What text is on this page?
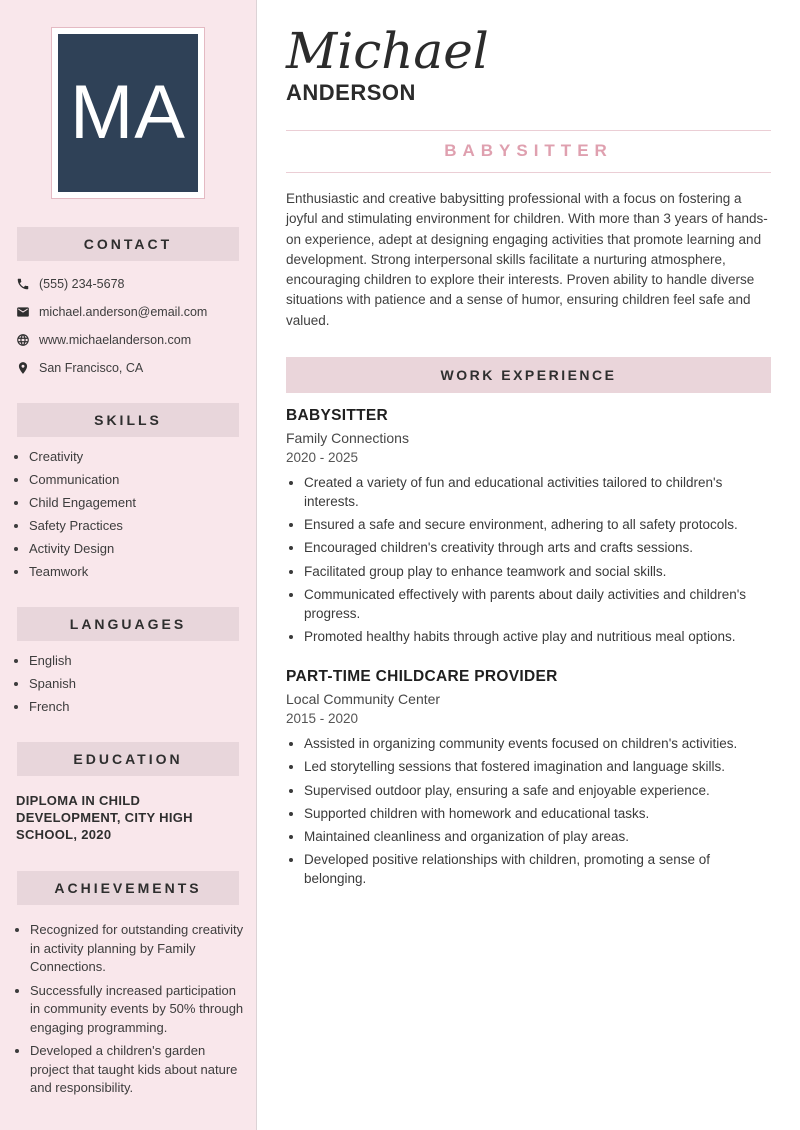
MA
CONTACT
(555) 234-5678
michael.anderson@email.com
www.michaelanderson.com
San Francisco, CA
SKILLS
• Creativity
• Communication
• Child Engagement
• Safety Practices
• Activity Design
• Teamwork
LANGUAGES
• English
• Spanish
• French
EDUCATION
DIPLOMA IN CHILD DEVELOPMENT, CITY HIGH SCHOOL, 2020
ACHIEVEMENTS
• Recognized for outstanding creativity in activity planning by Family Connections.
• Successfully increased participation in community events by 50% through engaging programming.
• Developed a children's garden project that taught kids about nature and responsibility.
Michael
ANDERSON
BABYSITTER

Enthusiastic and creative babysitting professional with a focus on fostering a joyful and stimulating environment for children. With more than 3 years of hands-on experience, adept at designing engaging activities that promote learning and development. Strong interpersonal skills facilitate a nurturing atmosphere, encouraging children to explore their interests. Proven ability to handle diverse situations with patience and a sense of humor, ensuring children feel safe and valued.

WORK EXPERIENCE
BABYSITTER
Family Connections
2020 - 2025
• Created a variety of fun and educational activities tailored to children's interests.
• Ensured a safe and secure environment, adhering to all safety protocols.
• Encouraged children's creativity through arts and crafts sessions.
• Facilitated group play to enhance teamwork and social skills.
• Communicated effectively with parents about daily activities and children's progress.
• Promoted healthy habits through active play and nutritious meal options.
PART-TIME CHILDCARE PROVIDER
Local Community Center
2015 - 2020
• Assisted in organizing community events focused on children's activities.
• Led storytelling sessions that fostered imagination and language skills.
• Supervised outdoor play, ensuring a safe and enjoyable experience.
• Supported children with homework and educational tasks.
• Maintained cleanliness and organization of play areas.
• Developed positive relationships with children, promoting a sense of belonging.
